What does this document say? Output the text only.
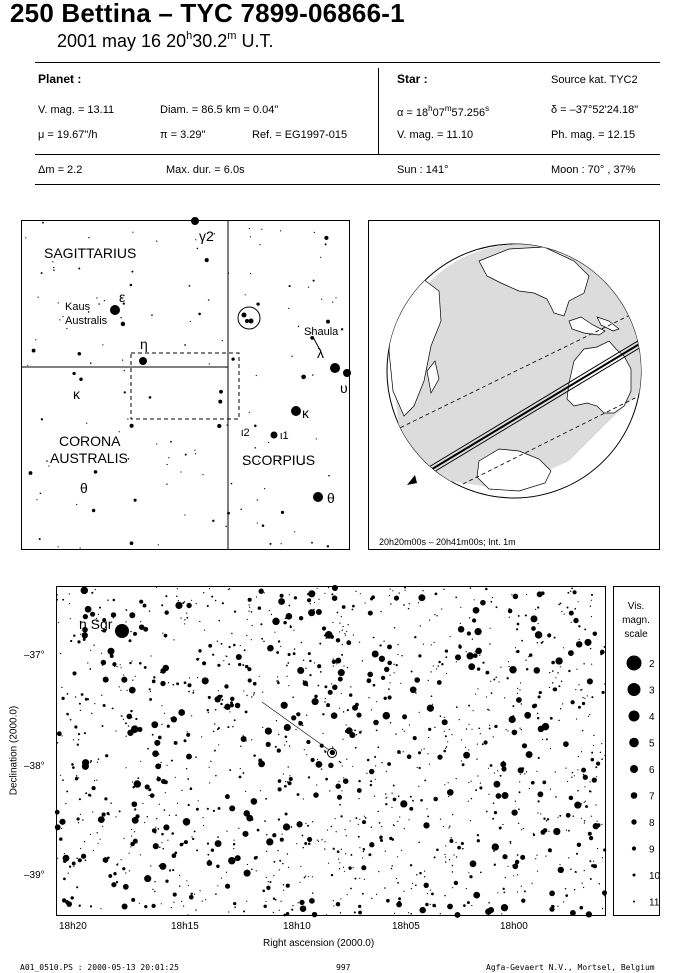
250 Bettina – TYC 7899-06866-1
2001 may 16 20$^h$30.2$^m$ U.T.
Planet :
V. mag. = 13.11	Diam. = 86.5 km = 0.04"
μ = 19.67"/h	π = 3.29"	Ref. = EG1997-015
Star :	Source kat. TYC2
$\alpha = 18^h07^m57.256^s$	δ = –37°52'24.18"
V. mag. = 11.10	Ph. mag. = 12.15
Δm = 2.2	Max. dur. = 6.0s	Sun : 141°	Moon : 70° , 37%
SAGITTARIUS
CORONA
AUSTRALIS	SCORPIUS
Kaus
Australis
Shaula
γ2
ε
η
κ
θ
λ
υ
κ
ι2	ι1
θ
20h20m00s – 20h41m00s; Int. 1m
η Sgr
–37°
–38°
–39°
Declination (2000.0)
18h20	18h15	18h10	18h05	18h00
Right ascension (2000.0)
Vis.
magn.
scale
2
3
4
5
6
7
8
9
10
11
A01_0510.PS : 2000-05-13 20:01:25	997	Agfa-Gevaert N.V., Mortsel, Belgium
